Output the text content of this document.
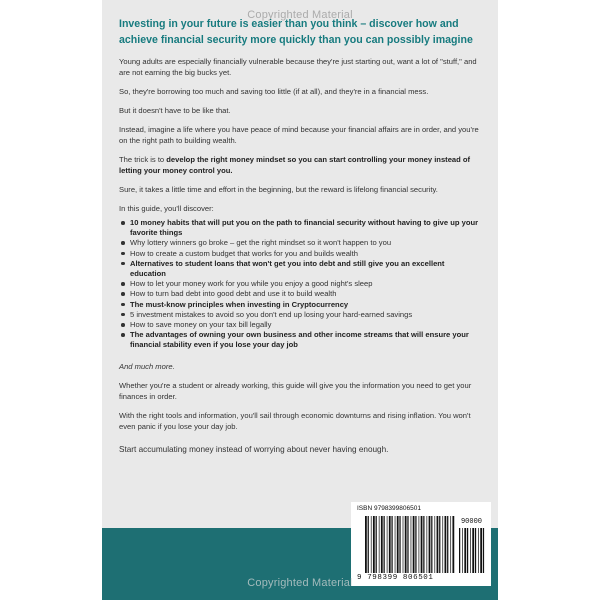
Copyrighted Material
Investing in your future is easier than you think – discover how and achieve financial security more quickly than you can possibly imagine

Young adults are especially financially vulnerable because they're just starting out, want a lot of "stuff," and are not earning the big bucks yet.

So, they're borrowing too much and saving too little (if at all), and they're in a financial mess.

But it doesn't have to be like that.

Instead, imagine a life where you have peace of mind because your financial affairs are in order, and you're on the right path to building wealth.

The trick is to develop the right money mindset so you can start controlling your money instead of letting your money control you.

Sure, it takes a little time and effort in the beginning, but the reward is lifelong financial security.

In this guide, you'll discover:

10 money habits that will put you on the path to financial security without having to give up your favorite things
Why lottery winners go broke – get the right mindset so it won't happen to you
How to create a custom budget that works for you and builds wealth
Alternatives to student loans that won't get you into debt and still give you an excellent education
How to let your money work for you while you enjoy a good night's sleep
How to turn bad debt into good debt and use it to build wealth
The must-know principles when investing in Cryptocurrency
5 investment mistakes to avoid so you don't end up losing your hard-earned savings
How to save money on your tax bill legally
The advantages of owning your own business and other income streams that will ensure your financial stability even if you lose your day job

And much more.

Whether you're a student or already working, this guide will give you the information you need to get your finances in order.

With the right tools and information, you'll sail through economic downturns and rising inflation. You won't even panic if you lose your day job.

Start accumulating money instead of worrying about never having enough.

ISBN 9798399806501
90000
9 798399 806501
Copyrighted Material
